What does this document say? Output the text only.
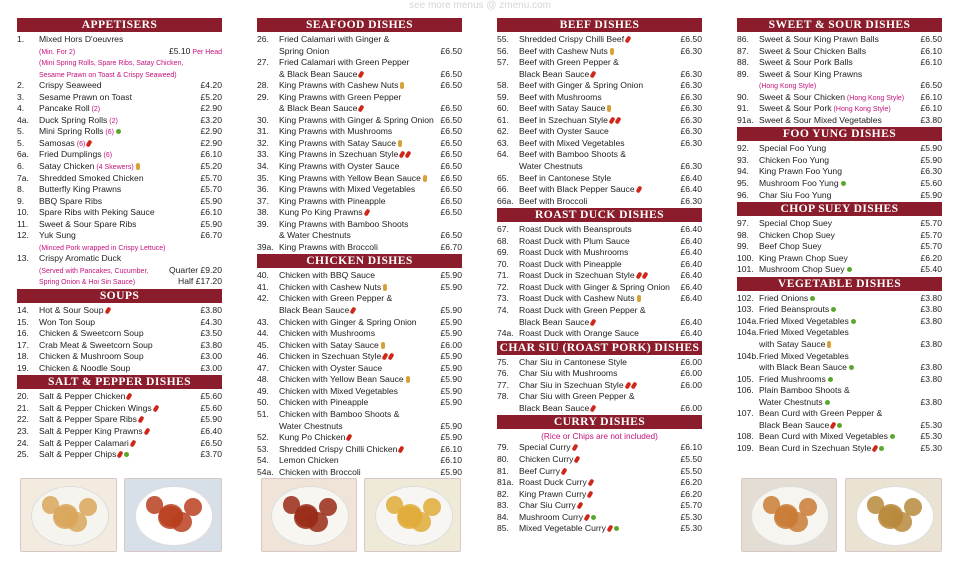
see more menus @ zmenu.com
APPETISERS
1. Mixed Hors D'oeuvres
(Min. For 2)	£5.10 Per Head
(Mini Spring Rolls, Spare Ribs, Satay Chicken,
Sesame Prawn on Toast & Crispy Seaweed)
2. Crispy Seaweed	£4.20
3. Sesame Prawn on Toast	£5.20
4. Pancake Roll (2)	£2.90
4a. Duck Spring Rolls (2)	£3.20
5. Mini Spring Rolls (6)	£2.90
5. Samosas (6)	£2.90
6a. Fried Dumplings (6)	£6.10
6. Satay Chicken (4 Skewers)	£5.20
7a. Shredded Smoked Chicken	£5.70
8. Butterfly King Prawns	£5.70
9. BBQ Spare Ribs	£5.90
10. Spare Ribs with Peking Sauce	£6.10
11. Sweet & Sour Spare Ribs	£5.90
12. Yuk Sung	£6.70
(Minced Pork wrapped in Crispy Lettuce)
13. Crispy Aromatic Duck
(Served with Pancakes, Cucumber, Quarter £9.20
Spring Onion & Hoi Sin Sauce)	Half £17.20
SOUPS
14. Hot & Sour Soup	£3.80
15. Won Ton Soup	£4.30
16. Chicken & Sweetcorn Soup	£3.50
17. Crab Meat & Sweetcorn Soup	£3.80
18. Chicken & Mushroom Soup	£3.00
19. Chicken & Noodle Soup	£3.00
SALT & PEPPER DISHES
20. Salt & Pepper Chicken	£5.60
21. Salt & Pepper Chicken Wings	£5.60
22. Salt & Pepper Spare Ribs	£5.90
23. Salt & Pepper King Prawns	£6.40
24. Salt & Pepper Calamari	£6.50
25. Salt & Pepper Chips	£3.70
SEAFOOD DISHES
26. Fried Calamari with Ginger &
Spring Onion	£6.50
27. Fried Calamari with Green Pepper
& Black Bean Sauce	£6.50
28. King Prawns with Cashew Nuts	£6.50
29. King Prawns with Green Pepper
& Black Bean Sauce	£6.50
30. King Prawns with Ginger & Spring Onion £6.50
31. King Prawns with Mushrooms	£6.50
32. King Prawns with Satay Sauce	£6.50
33. King Prawns in Szechuan Style	£6.50
34. King Prawns with Oyster Sauce	£6.50
35. King Prawns with Yellow Bean Sauce	£6.50
36. King Prawns with Mixed Vegetables	£6.50
37. King Prawns with Pineapple	£6.50
38. Kung Po King Prawns	£6.50
39. King Prawns with Bamboo Shoots
& Water Chestnuts	£6.50
39a. King Prawns with Broccoli	£6.70
CHICKEN DISHES
40. Chicken with BBQ Sauce	£5.90
41. Chicken with Cashew Nuts	£5.90
42. Chicken with Green Pepper &
Black Bean Sauce	£5.90
43. Chicken with Ginger & Spring Onion	£5.90
44. Chicken with Mushrooms	£5.90
45. Chicken with Satay Sauce	£6.00
46. Chicken in Szechuan Style	£5.90
47. Chicken with Oyster Sauce	£5.90
48. Chicken with Yellow Bean Sauce	£5.90
49. Chicken with Mixed Vegetables	£5.90
50. Chicken with Pineapple	£5.90
51. Chicken with Bamboo Shoots &
Water Chestnuts	£5.90
52. Kung Po Chicken	£5.90
53. Shredded Crispy Chilli Chicken	£6.10
54. Lemon Chicken	£6.10
54a. Chicken with Broccoli	£5.90
BEEF DISHES
55. Shredded Crispy Chilli Beef	£6.50
56. Beef with Cashew Nuts	£6.30
57. Beef with Green Pepper &
Black Bean Sauce	£6.30
58. Beef with Ginger & Spring Onion	£6.30
59. Beef with Mushrooms	£6.30
60. Beef with Satay Sauce	£6.30
61. Beef in Szechuan Style	£6.30
62. Beef with Oyster Sauce	£6.30
63. Beef with Mixed Vegetables	£6.30
64. Beef with Bamboo Shoots &
Water Chestnuts	£6.30
65. Beef in Cantonese Style	£6.40
66. Beef with Black Pepper Sauce	£6.40
66a. Beef with Broccoli	£6.30
ROAST DUCK DISHES
67. Roast Duck with Beansprouts	£6.40
68. Roast Duck with Plum Sauce	£6.40
69. Roast Duck with Mushrooms	£6.40
70. Roast Duck with Pineapple	£6.40
71. Roast Duck in Szechuan Style	£6.40
72. Roast Duck with Ginger & Spring Onion £6.40
73. Roast Duck with Cashew Nuts	£6.40
74. Roast Duck with Green Pepper &
Black Bean Sauce	£6.40
74a. Roast Duck with Orange Sauce	£6.40
CHAR SIU (ROAST PORK) DISHES
75. Char Siu in Cantonese Style	£6.00
76. Char Siu with Mushrooms	£6.00
77. Char Siu in Szechuan Style	£6.00
78. Char Siu with Green Pepper &
Black Bean Sauce	£6.00
CURRY DISHES
(Rice or Chips are not included)
79. Special Curry	£6.10
80. Chicken Curry	£5.50
81. Beef Curry	£5.50
81a. Roast Duck Curry	£6.20
82. King Prawn Curry	£6.20
83. Char Siu Curry	£5.70
84. Mushroom Curry	£5.30
85. Mixed Vegetable Curry	£5.30
SWEET & SOUR DISHES
86. Sweet & Sour King Prawn Balls	£6.50
87. Sweet & Sour Chicken Balls	£6.10
88. Sweet & Sour Pork Balls	£6.10
89. Sweet & Sour King Prawns
(Hong Kong Style)	£6.50
90. Sweet & Sour Chicken (Hong Kong Style) £6.10
91. Sweet & Sour Pork (Hong Kong Style)	£6.10
91a. Sweet & Sour Mixed Vegetables	£3.80
FOO YUNG DISHES
92. Special Foo Yung	£5.90
93. Chicken Foo Yung	£5.90
94. King Prawn Foo Yung	£6.30
95. Mushroom Foo Yung	£5.60
96. Char Siu Foo Yung	£5.90
CHOP SUEY DISHES
97. Special Chop Suey	£5.70
98. Chicken Chop Suey	£5.70
99. Beef Chop Suey	£5.70
100. King Prawn Chop Suey	£6.20
101. Mushroom Chop Suey	£5.40
VEGETABLE DISHES
102. Fried Onions	£3.80
103. Fried Beansprouts	£3.80
104a. Fried Mixed Vegetables	£3.80
104a. Fried Mixed Vegetables
with Satay Sauce	£3.80
104b. Fried Mixed Vegetables
with Black Bean Sauce	£3.80
105. Fried Mushrooms	£3.80
106. Plain Bamboo Shoots &
Water Chestnuts	£3.80
107. Bean Curd with Green Pepper &
Black Bean Sauce	£5.30
108. Bean Curd with Mixed Vegetables	£5.30
109. Bean Curd in Szechuan Style	£5.30
